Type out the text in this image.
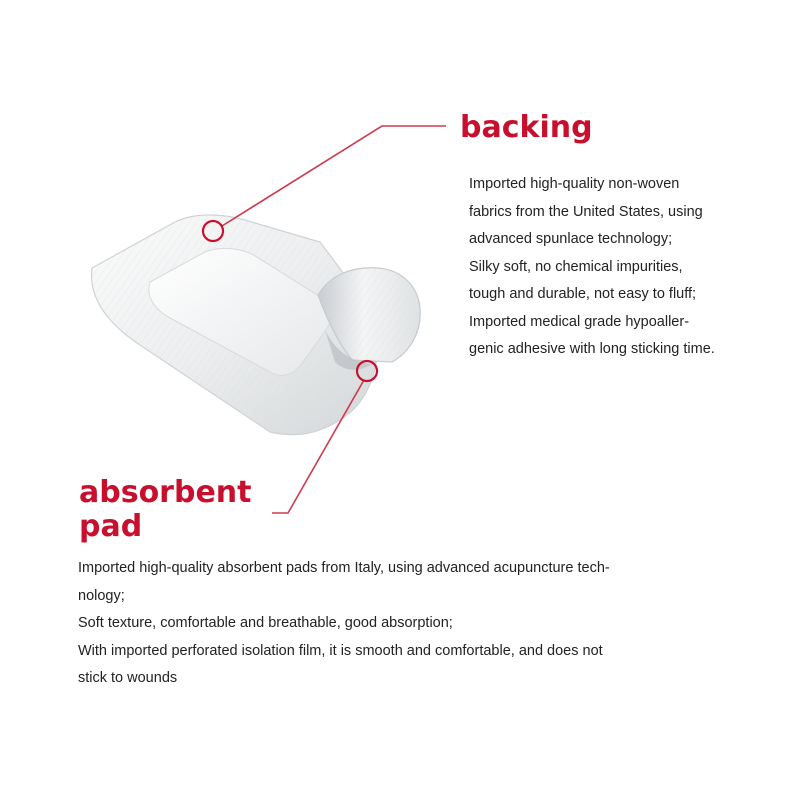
backing
Imported high-quality non-woven
fabrics from the United States, using
advanced spunlace technology;
Silky soft, no chemical impurities,
tough and durable, not easy to fluff;
Imported medical grade hypoaller-
genic adhesive with long sticking time.
absorbent
pad
Imported high-quality absorbent pads from Italy, using advanced acupuncture tech-
nology;
Soft texture, comfortable and breathable, good absorption;
With imported perforated isolation film, it is smooth and comfortable, and does not
stick to wounds
